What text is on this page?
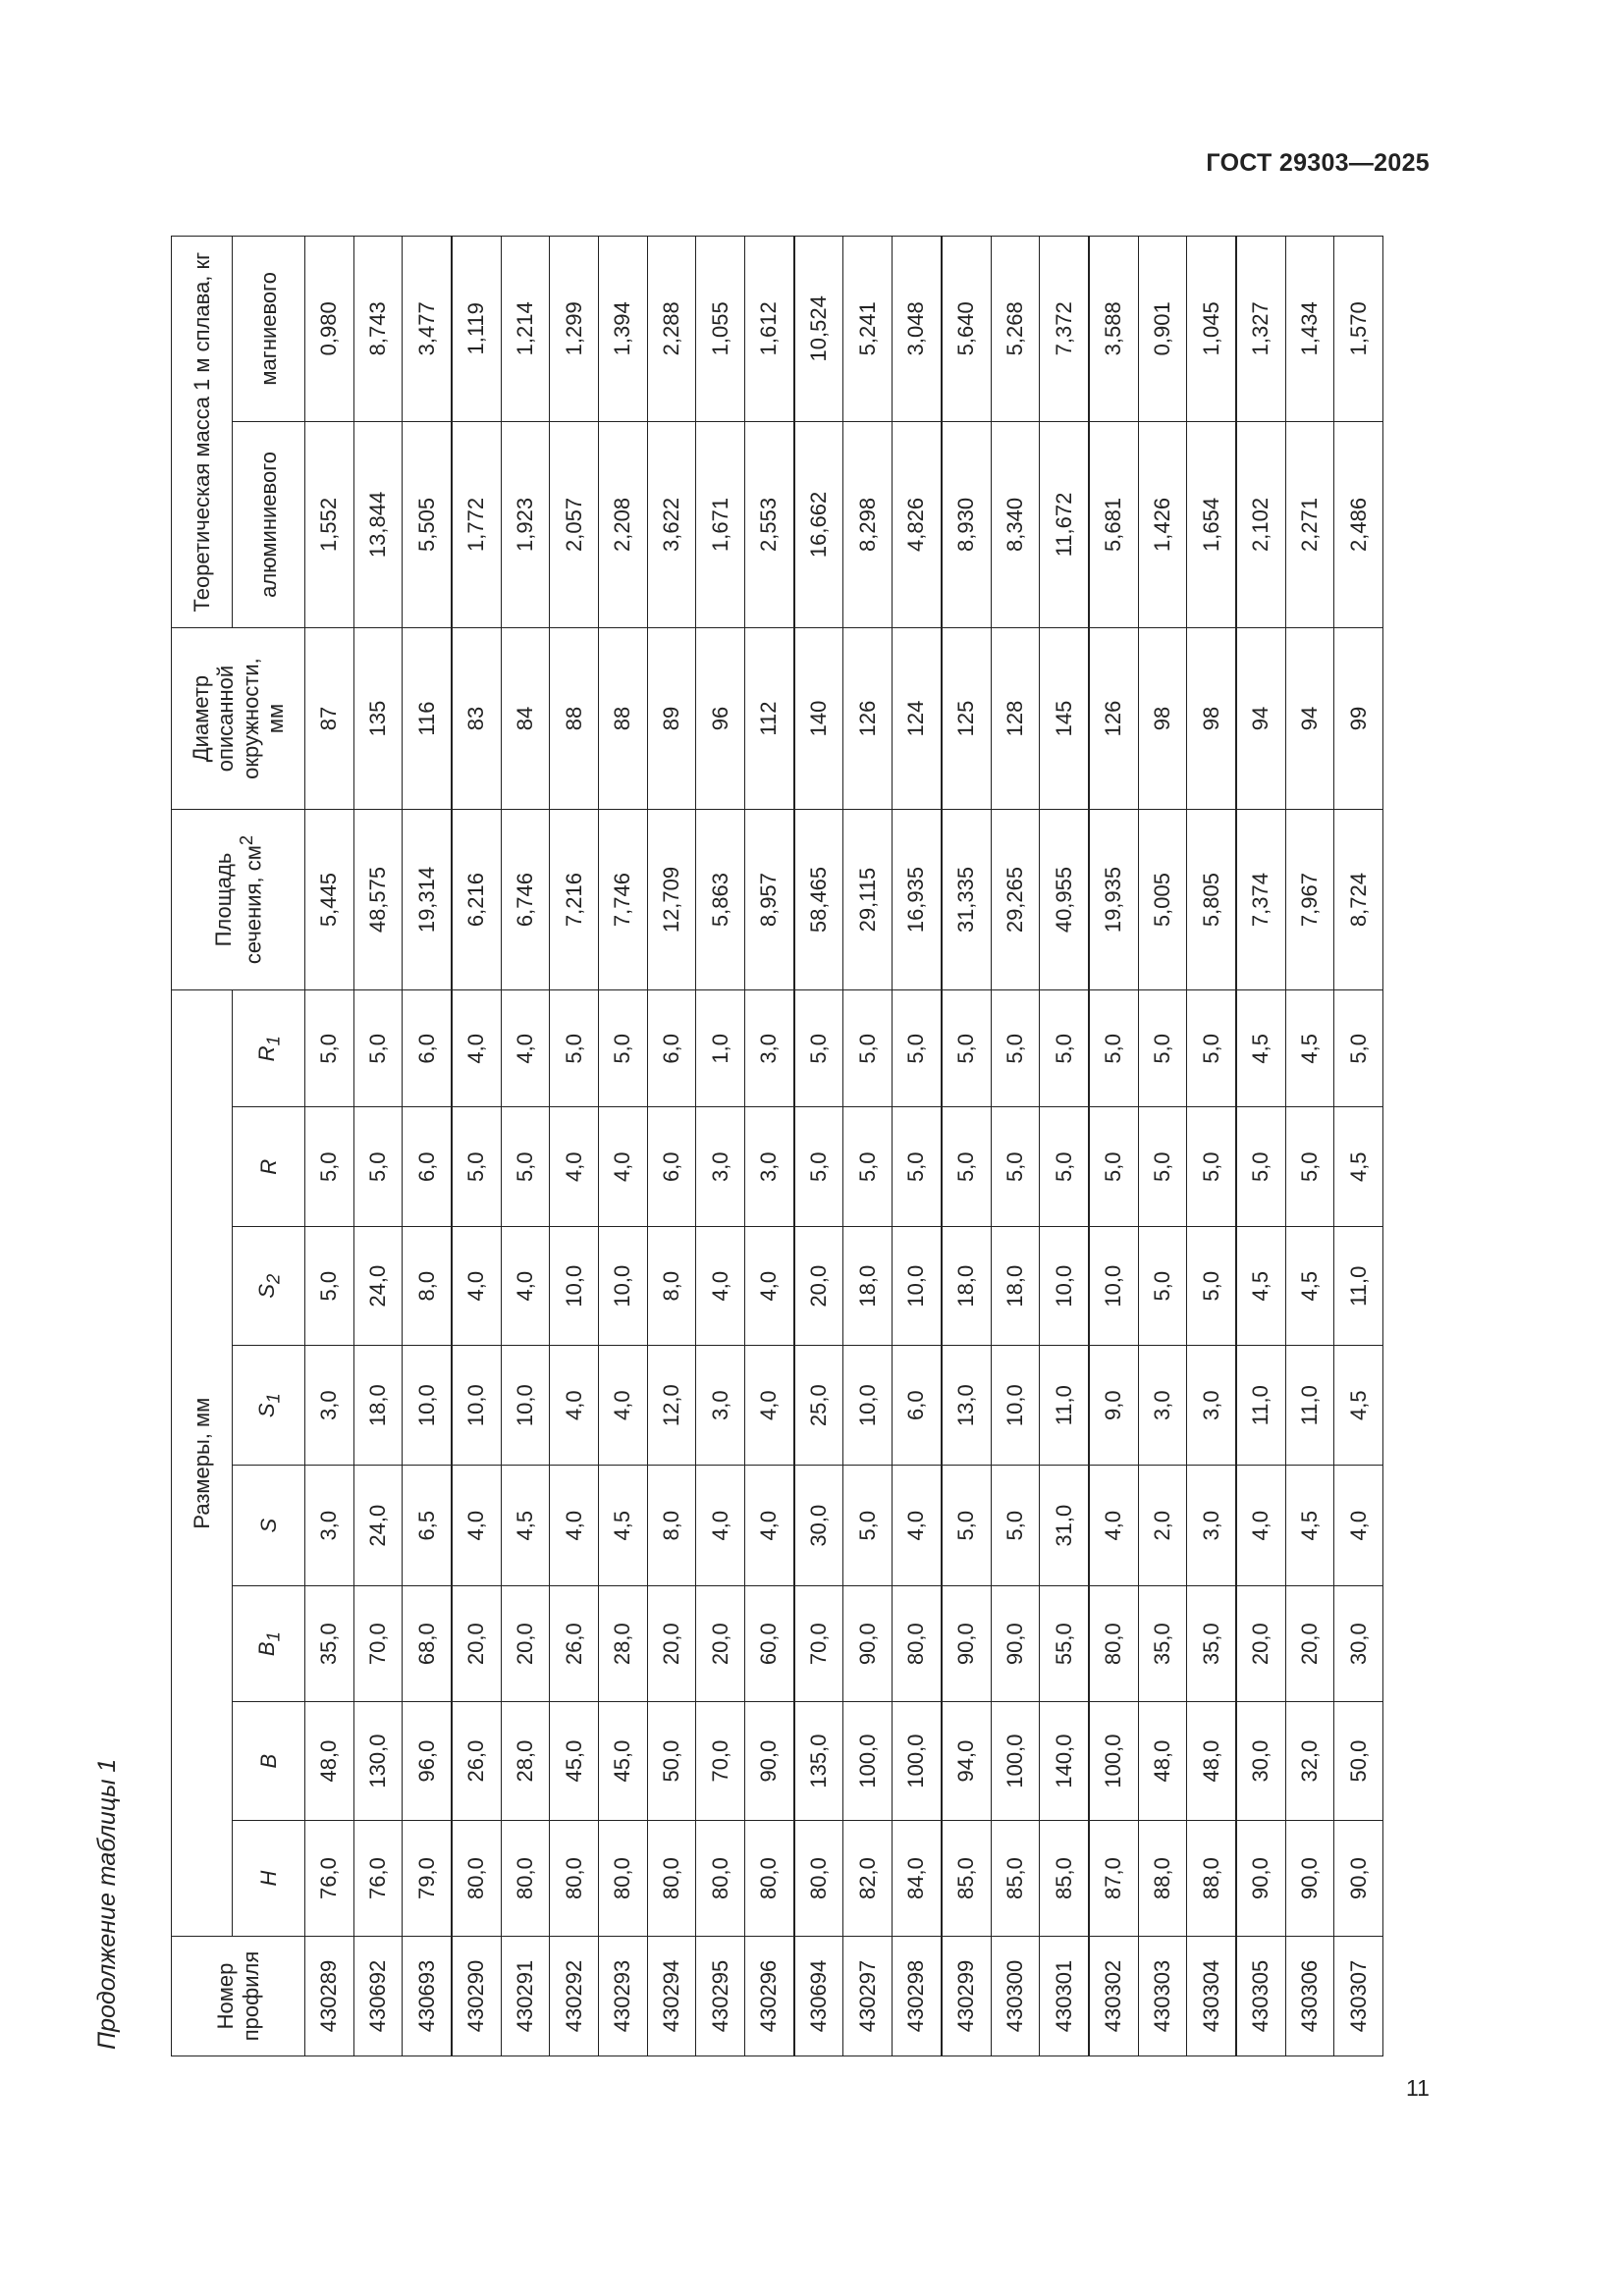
ГОСТ 29303—2025
Продолжение таблицы 1	Номер
профиля	Размеры, мм								Площадь сечения, $см^2$	Диаметр
описанной
окружности,
мм	Теоретическая масса 1 м сплава, кг	
	H	B	$B_1$	S	$S_1$	$S_2$	R	$R_1$			алюминиевого	магниевого
430289	76,0	48,0	35,0	3,0	3,0	5,0	5,0	5,0	5,445	87	1,552	0,980
430692	76,0	130,0	70,0	24,0	18,0	24,0	5,0	5,0	48,575	135	13,844	8,743
430693	79,0	96,0	68,0	6,5	10,0	8,0	6,0	6,0	19,314	116	5,505	3,477
430290	80,0	26,0	20,0	4,0	10,0	4,0	5,0	4,0	6,216	83	1,772	1,119
430291	80,0	28,0	20,0	4,5	10,0	4,0	5,0	4,0	6,746	84	1,923	1,214
430292	80,0	45,0	26,0	4,0	4,0	10,0	4,0	5,0	7,216	88	2,057	1,299
430293	80,0	45,0	28,0	4,5	4,0	10,0	4,0	5,0	7,746	88	2,208	1,394
430294	80,0	50,0	20,0	8,0	12,0	8,0	6,0	6,0	12,709	89	3,622	2,288
430295	80,0	70,0	20,0	4,0	3,0	4,0	3,0	1,0	5,863	96	1,671	1,055
430296	80,0	90,0	60,0	4,0	4,0	4,0	3,0	3,0	8,957	112	2,553	1,612
430694	80,0	135,0	70,0	30,0	25,0	20,0	5,0	5,0	58,465	140	16,662	10,524
430297	82,0	100,0	90,0	5,0	10,0	18,0	5,0	5,0	29,115	126	8,298	5,241
430298	84,0	100,0	80,0	4,0	6,0	10,0	5,0	5,0	16,935	124	4,826	3,048
430299	85,0	94,0	90,0	5,0	13,0	18,0	5,0	5,0	31,335	125	8,930	5,640
430300	85,0	100,0	90,0	5,0	10,0	18,0	5,0	5,0	29,265	128	8,340	5,268
430301	85,0	140,0	55,0	31,0	11,0	10,0	5,0	5,0	40,955	145	11,672	7,372
430302	87,0	100,0	80,0	4,0	9,0	10,0	5,0	5,0	19,935	126	5,681	3,588
430303	88,0	48,0	35,0	2,0	3,0	5,0	5,0	5,0	5,005	98	1,426	0,901
430304	88,0	48,0	35,0	3,0	3,0	5,0	5,0	5,0	5,805	98	1,654	1,045
430305	90,0	30,0	20,0	4,0	11,0	4,5	5,0	4,5	7,374	94	2,102	1,327
430306	90,0	32,0	20,0	4,5	11,0	4,5	5,0	4,5	7,967	94	2,271	1,434
430307	90,0	50,0	30,0	4,0	4,5	11,0	4,5	5,0	8,724	99	2,486	1,570
11
